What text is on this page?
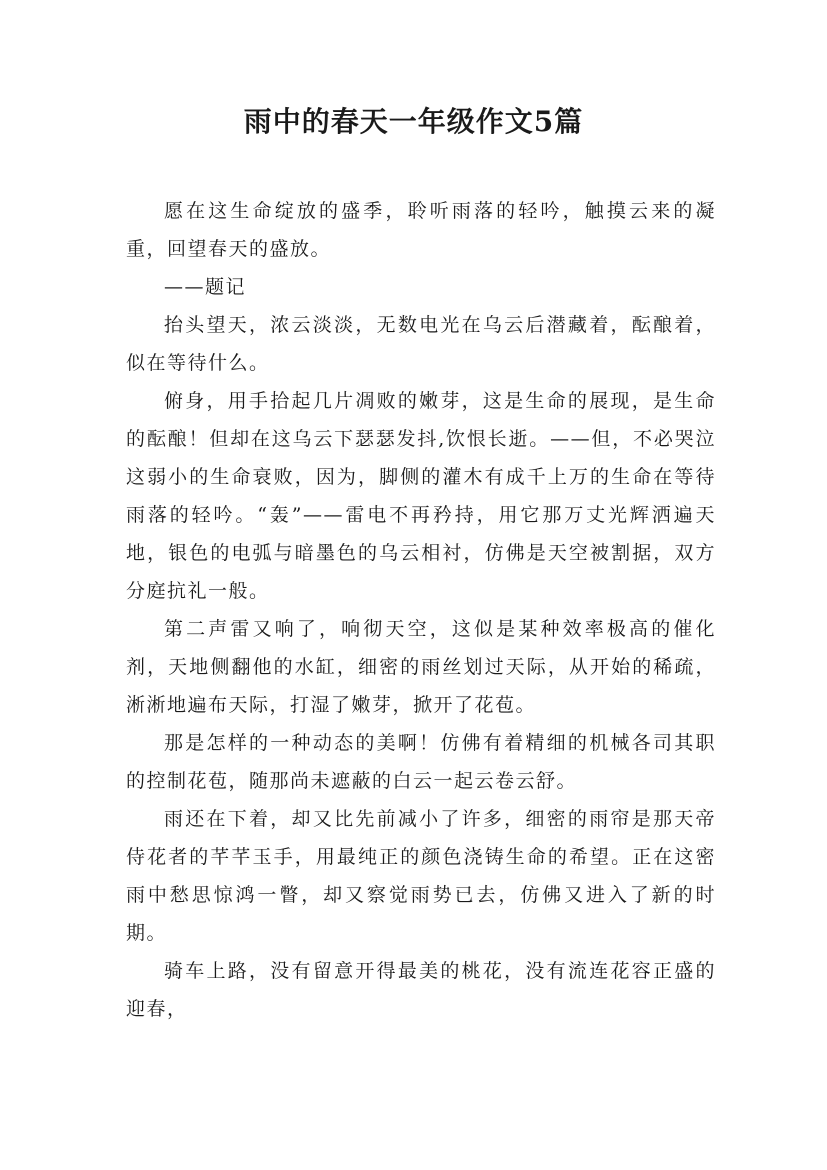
雨中的春天一年级作文5篇

愿在这生命绽放的盛季，聆听雨落的轻吟，触摸云来的凝重，回望春天的盛放。

——题记

抬头望天，浓云淡淡，无数电光在乌云后潜藏着，酝酿着，似在等待什么。

俯身，用手拾起几片凋败的嫩芽，这是生命的展现，是生命的酝酿！但却在这乌云下瑟瑟发抖,饮恨长逝。——但，不必哭泣这弱小的生命衰败，因为，脚侧的灌木有成千上万的生命在等待雨落的轻吟。“轰”——雷电不再矜持，用它那万丈光辉洒遍天地，银色的电弧与暗墨色的乌云相衬，仿佛是天空被割据，双方分庭抗礼一般。

第二声雷又响了，响彻天空，这似是某种效率极高的催化剂，天地侧翻他的水缸，细密的雨丝划过天际，从开始的稀疏，淅淅地遍布天际，打湿了嫩芽，掀开了花苞。

那是怎样的一种动态的美啊！仿佛有着精细的机械各司其职的控制花苞，随那尚未遮蔽的白云一起云卷云舒。

雨还在下着，却又比先前减小了许多，细密的雨帘是那天帝侍花者的芊芊玉手，用最纯正的颜色浇铸生命的希望。正在这密雨中愁思惊鸿一瞥，却又察觉雨势已去，仿佛又进入了新的时期。

骑车上路，没有留意开得最美的桃花，没有流连花容正盛的迎春，
